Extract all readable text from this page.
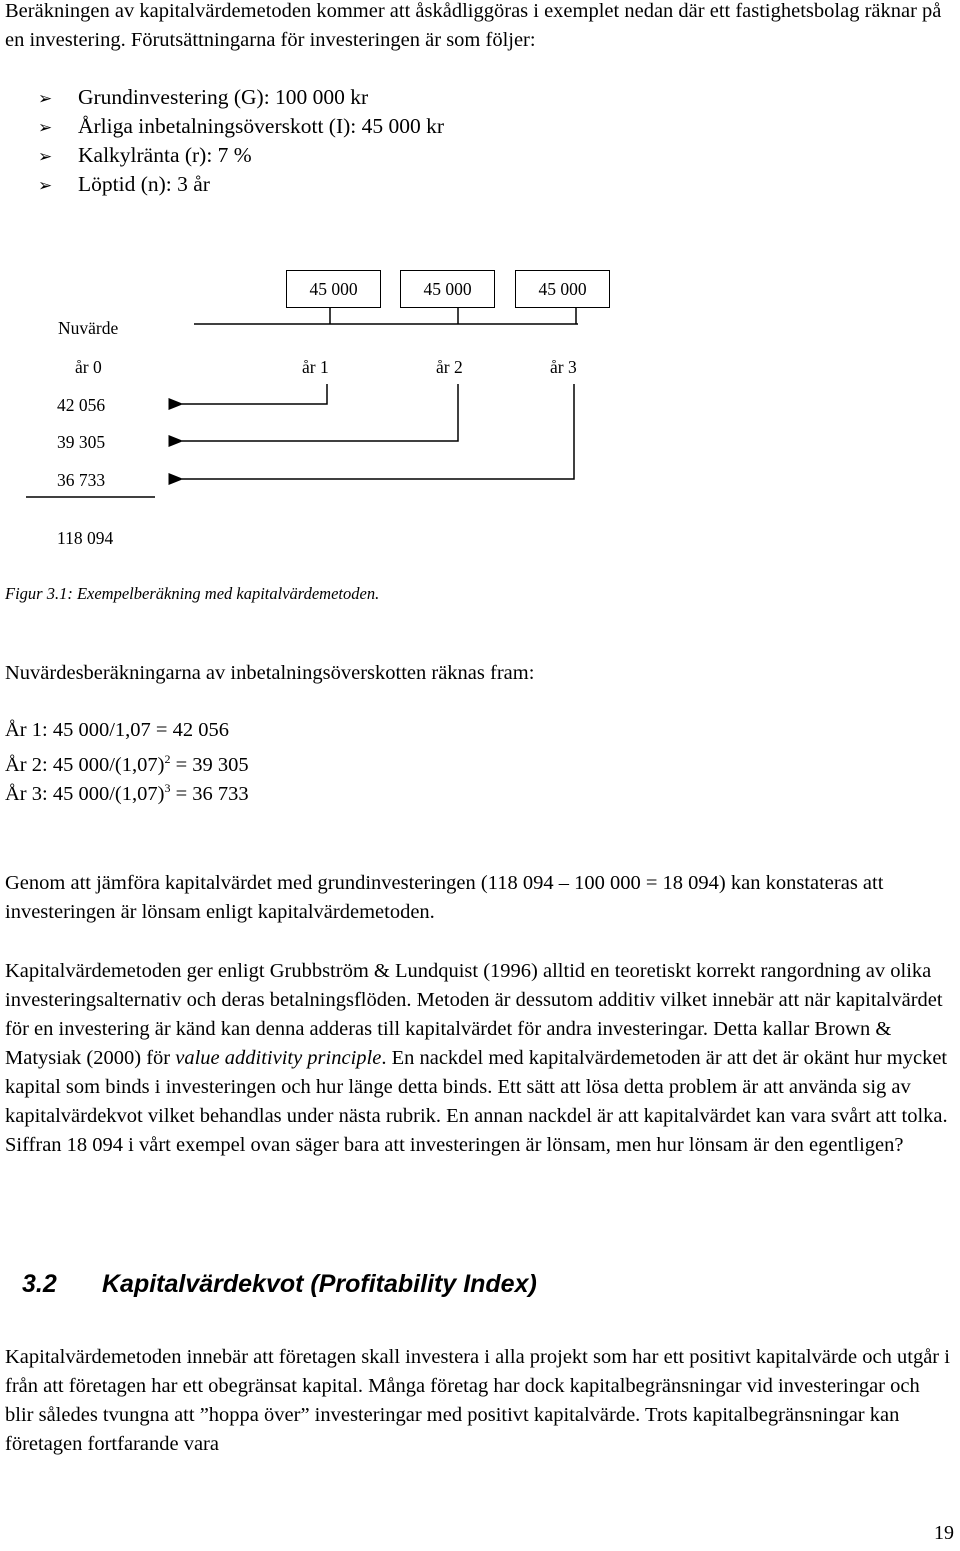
Beräkningen av kapitalvärdemetoden kommer att åskådliggöras i exemplet nedan där ett fastighetsbolag räknar på en investering. Förutsättningarna för investeringen är som följer:

➢ Grundinvestering (G): 100 000 kr
➢ Årliga inbetalningsöverskott (I): 45 000 kr
➢ Kalkylränta (r): 7 %
➢ Löptid (n): 3 år
45 000	45 000	45 000
Nuvärde
år 0	år 1	år 2	år 3
42 056
39 305
36 733
118 094
Figur 3.1: Exempelberäkning med kapitalvärdemetoden.

Nuvärdesberäkningarna av inbetalningsöverskotten räknas fram:

År 1: 45 000/1,07 = 42 056
År 2: 45 $000/(1,07)^2 = 39$ 305
År 3: 45 $000/(1,07)^3 = 36$ 733

Genom att jämföra kapitalvärdet med grundinvesteringen (118 094 – 100 000 = 18 094) kan konstateras att investeringen är lönsam enligt kapitalvärdemetoden.

Kapitalvärdemetoden ger enligt Grubbström & Lundquist (1996) alltid en teoretiskt korrekt rangordning av olika investeringsalternativ och deras betalningsflöden. Metoden är dessutom additiv vilket innebär att när kapitalvärdet för en investering är känd kan denna adderas till kapitalvärdet för andra investeringar. Detta kallar Brown & Matysiak (2000) för value additivity principle. En nackdel med kapitalvärdemetoden är att det är okänt hur mycket kapital som binds i investeringen och hur länge detta binds. Ett sätt att lösa detta problem är att använda sig av kapitalvärdekvot vilket behandlas under nästa rubrik. En annan nackdel är att kapitalvärdet kan vara svårt att tolka. Siffran 18 094 i vårt exempel ovan säger bara att investeringen är lönsam, men hur lönsam är den egentligen?

3.2 Kapitalvärdekvot (Profitability Index)

Kapitalvärdemetoden innebär att företagen skall investera i alla projekt som har ett positivt kapitalvärde och utgår i från att företagen har ett obegränsat kapital. Många företag har dock kapitalbegränsningar vid investeringar och blir således tvungna att ”hoppa över” investeringar med positivt kapitalvärde. Trots kapitalbegränsningar kan företagen fortfarande vara

19
